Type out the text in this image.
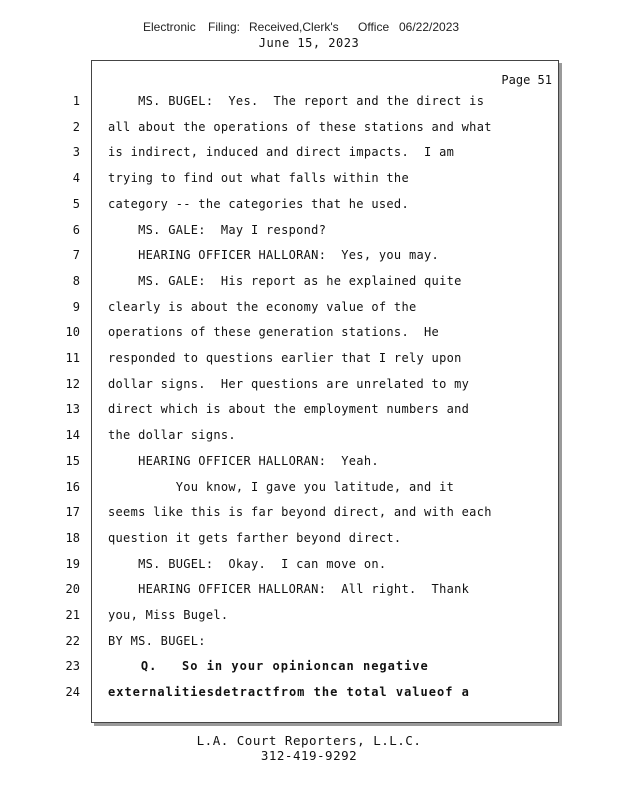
Electronic Filing: Received,Clerk's Office 06/22/2023
June 15, 2023
Page 51
1 MS. BUGEL:  Yes.  The report and the direct is
2 all about the operations of these stations and what
3 is indirect, induced and direct impacts.  I am
4 trying to find out what falls within the
5 category -- the categories that he used.
6 MS. GALE:  May I respond?
7 HEARING OFFICER HALLORAN:  Yes, you may.
8 MS. GALE:  His report as he explained quite
9 clearly is about the economy value of the
10 operations of these generation stations.  He
11 responded to questions earlier that I rely upon
12 dollar signs.  Her questions are unrelated to my
13 direct which is about the employment numbers and
14 the dollar signs.
15 HEARING OFFICER HALLORAN:  Yeah.
16 You know, I gave you latitude, and it
17 seems like this is far beyond direct, and with each
18 question it gets farther beyond direct.
19 MS. BUGEL:  Okay.  I can move on.
20 HEARING OFFICER HALLORAN:  All right.  Thank
21 you, Miss Bugel.
22 BY MS. BUGEL:
23 Q.   So in your opinioncan negative
24 externalitiesdetractfrom the total valueof a
L.A. Court Reporters, L.L.C.
312-419-9292
